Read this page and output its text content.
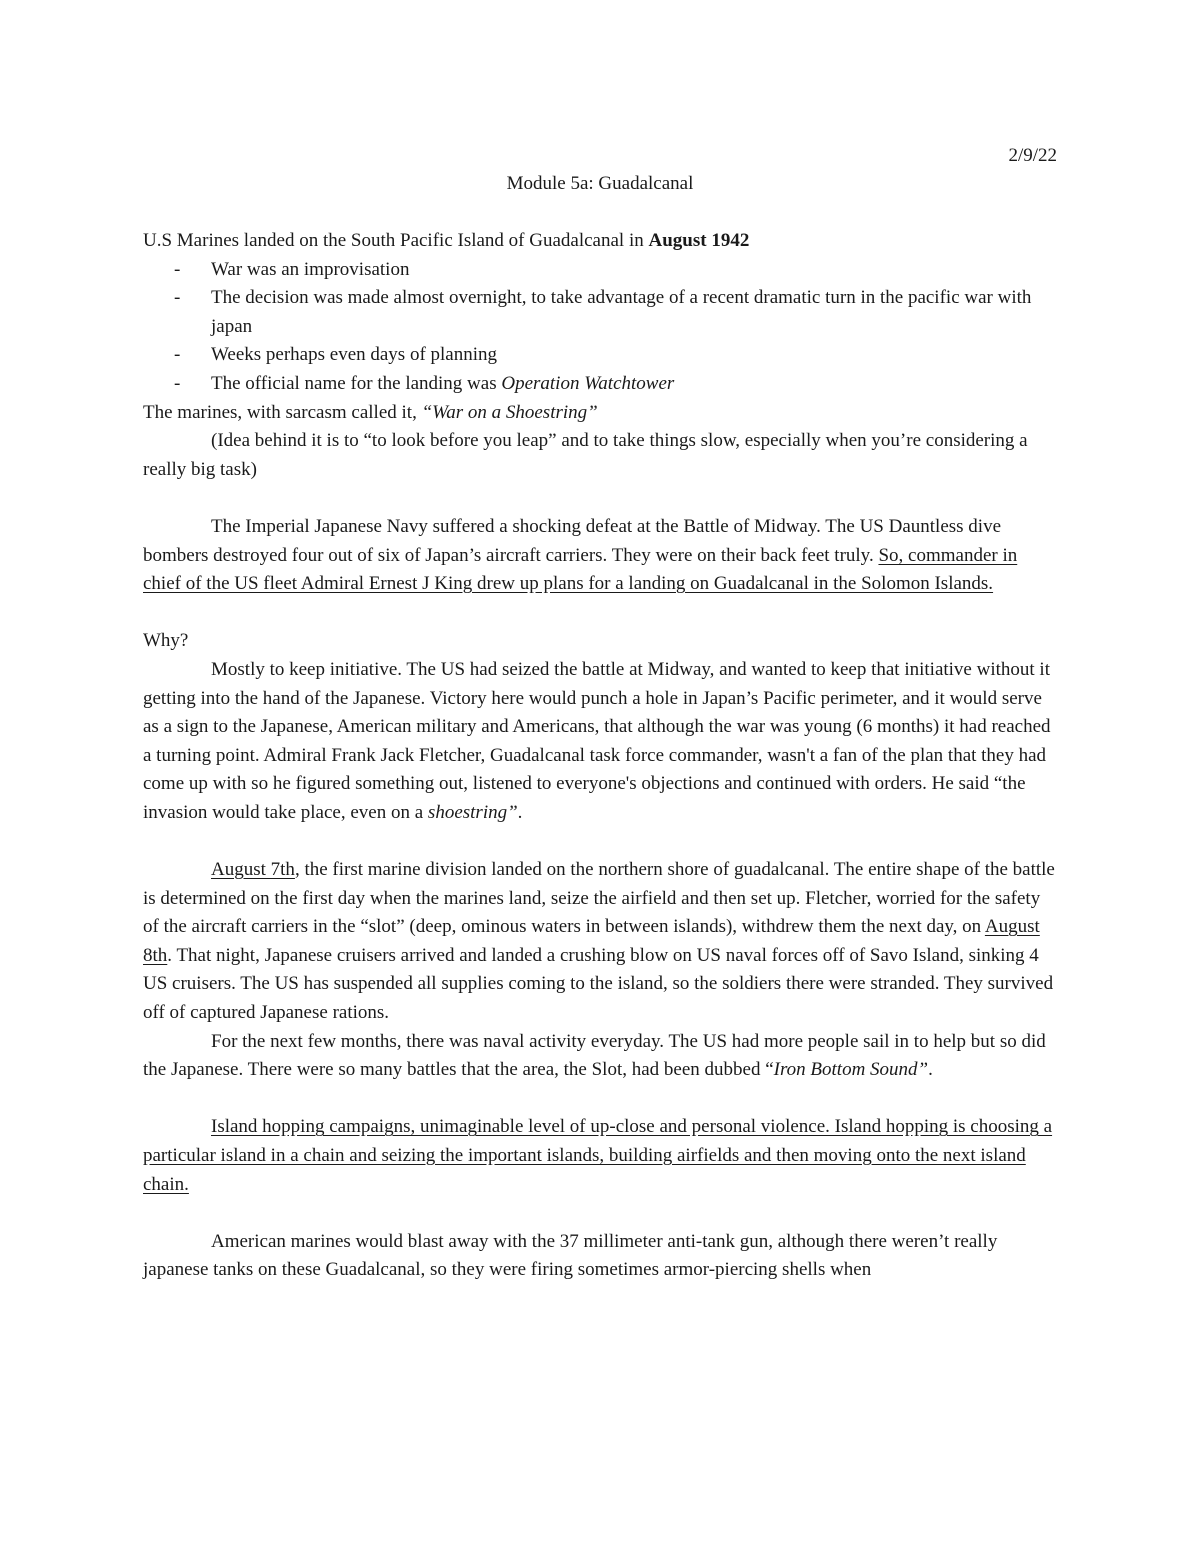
2/9/22

Module 5a: Guadalcanal

U.S Marines landed on the South Pacific Island of Guadalcanal in August 1942

- War was an improvisation
- The decision was made almost overnight, to take advantage of a recent dramatic turn in the pacific war with japan
- Weeks perhaps even days of planning
- The official name for the landing was Operation Watchtower

The marines, with sarcasm called it, “War on a Shoestring”

(Idea behind it is to “to look before you leap” and to take things slow, especially when you’re considering a really big task)

The Imperial Japanese Navy suffered a shocking defeat at the Battle of Midway. The US Dauntless dive bombers destroyed four out of six of Japan’s aircraft carriers. They were on their back feet truly. So, commander in chief of the US fleet Admiral Ernest J King drew up plans for a landing on Guadalcanal in the Solomon Islands.

Why?

Mostly to keep initiative. The US had seized the battle at Midway, and wanted to keep that initiative without it getting into the hand of the Japanese. Victory here would punch a hole in Japan’s Pacific perimeter, and it would serve as a sign to the Japanese, American military and Americans, that although the war was young (6 months) it had reached a turning point. Admiral Frank Jack Fletcher, Guadalcanal task force commander, wasn't a fan of the plan that they had come up with so he figured something out, listened to everyone's objections and continued with orders. He said “the invasion would take place, even on a shoestring”.

August 7th, the first marine division landed on the northern shore of guadalcanal. The entire shape of the battle is determined on the first day when the marines land, seize the airfield and then set up. Fletcher, worried for the safety of the aircraft carriers in the “slot” (deep, ominous waters in between islands), withdrew them the next day, on August 8th. That night, Japanese cruisers arrived and landed a crushing blow on US naval forces off of Savo Island, sinking 4 US cruisers. The US has suspended all supplies coming to the island, so the soldiers there were stranded. They survived off of captured Japanese rations.

For the next few months, there was naval activity everyday. The US had more people sail in to help but so did the Japanese. There were so many battles that the area, the Slot, had been dubbed “Iron Bottom Sound”.

Island hopping campaigns, unimaginable level of up-close and personal violence. Island hopping is choosing a particular island in a chain and seizing the important islands, building airfields and then moving onto the next island chain.

American marines would blast away with the 37 millimeter anti-tank gun, although there weren’t really japanese tanks on these Guadalcanal, so they were firing sometimes armor-piercing shells when
